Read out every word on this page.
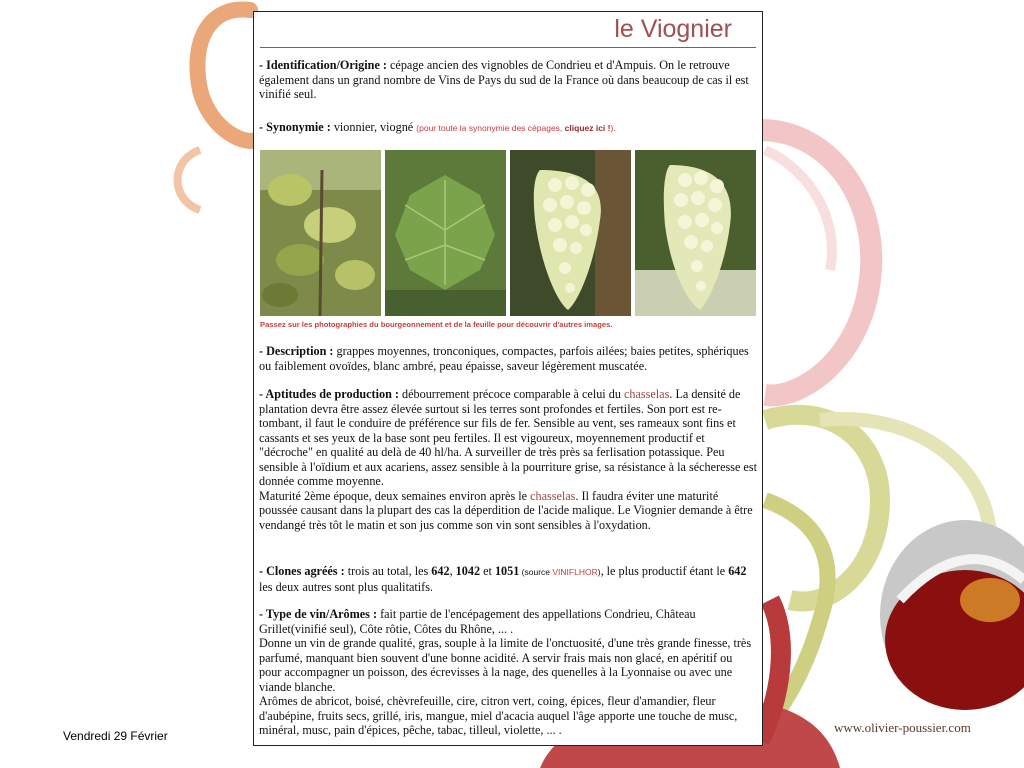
le Viognier

- Identification/Origine : cépage ancien des vignobles de Condrieu et d'Ampuis. On le retrouve également dans un grand nombre de Vins de Pays du sud de la France où dans beaucoup de cas il est vinifié seul.

- Synonymie : vionnier, viogné (pour toute la synonymie des cépages, cliquez ici !).

Passez sur les photographies du bourgeonnement et de la feuille pour découvrir d'autres images.

- Description : grappes moyennes, tronconiques, compactes, parfois ailées; baies petites, sphériques ou faiblement ovoïdes, blanc ambré, peau épaisse, saveur légèrement muscatée.

- Aptitudes de production : débourrement précoce comparable à celui du chasselas. La densité de plantation devra être assez élevée surtout si les terres sont profondes et fertiles. Son port est re-tombant, il faut le conduire de préférence sur fils de fer. Sensible au vent, ses rameaux sont fins et cassants et ses yeux de la base sont peu fertiles. Il est vigoureux, moyennement productif et "décroche" en qualité au delà de 40 hl/ha. A surveiller de très près sa ferlisation potassique. Peu sensible à l'oïdium et aux acariens, assez sensible à la pourriture grise, sa résistance à la sécheresse est donnée comme moyenne.
Maturité 2ème époque, deux semaines environ après le chasselas. Il faudra éviter une maturité poussée causant dans la plupart des cas la déperdition de l'acide malique. Le Viognier demande à être vendangé très tôt le matin et son jus comme son vin sont sensibles à l'oxydation.

- Clones agréés : trois au total, les 642, 1042 et 1051 (source VINIFLHOR), le plus productif étant le 642 les deux autres sont plus qualitatifs.

- Type de vin/Arômes : fait partie de l'encépagement des appellations Condrieu, Château Grillet(vinifié seul), Côte rôtie, Côtes du Rhône, ... .
Donne un vin de grande qualité, gras, souple à la limite de l'onctuosité, d'une très grande finesse, très parfumé, manquant bien souvent d'une bonne acidité. A servir frais mais non glacé, en apéritif ou pour accompagner un poisson, des écrevisses à la nage, des quenelles à la Lyonnaise ou avec une viande blanche.
Arômes de abricot, boisé, chèvrefeuille, cire, citron vert, coing, épices, fleur d'amandier, fleur d'aubépine, fruits secs, grillé, iris, mangue, miel d'acacia auquel l'âge apporte une touche de musc, minéral, musc, pain d'épices, pêche, tabac, tilleul, violette, ... .

Vendredi 29 Février
www.olivier-poussier.com
